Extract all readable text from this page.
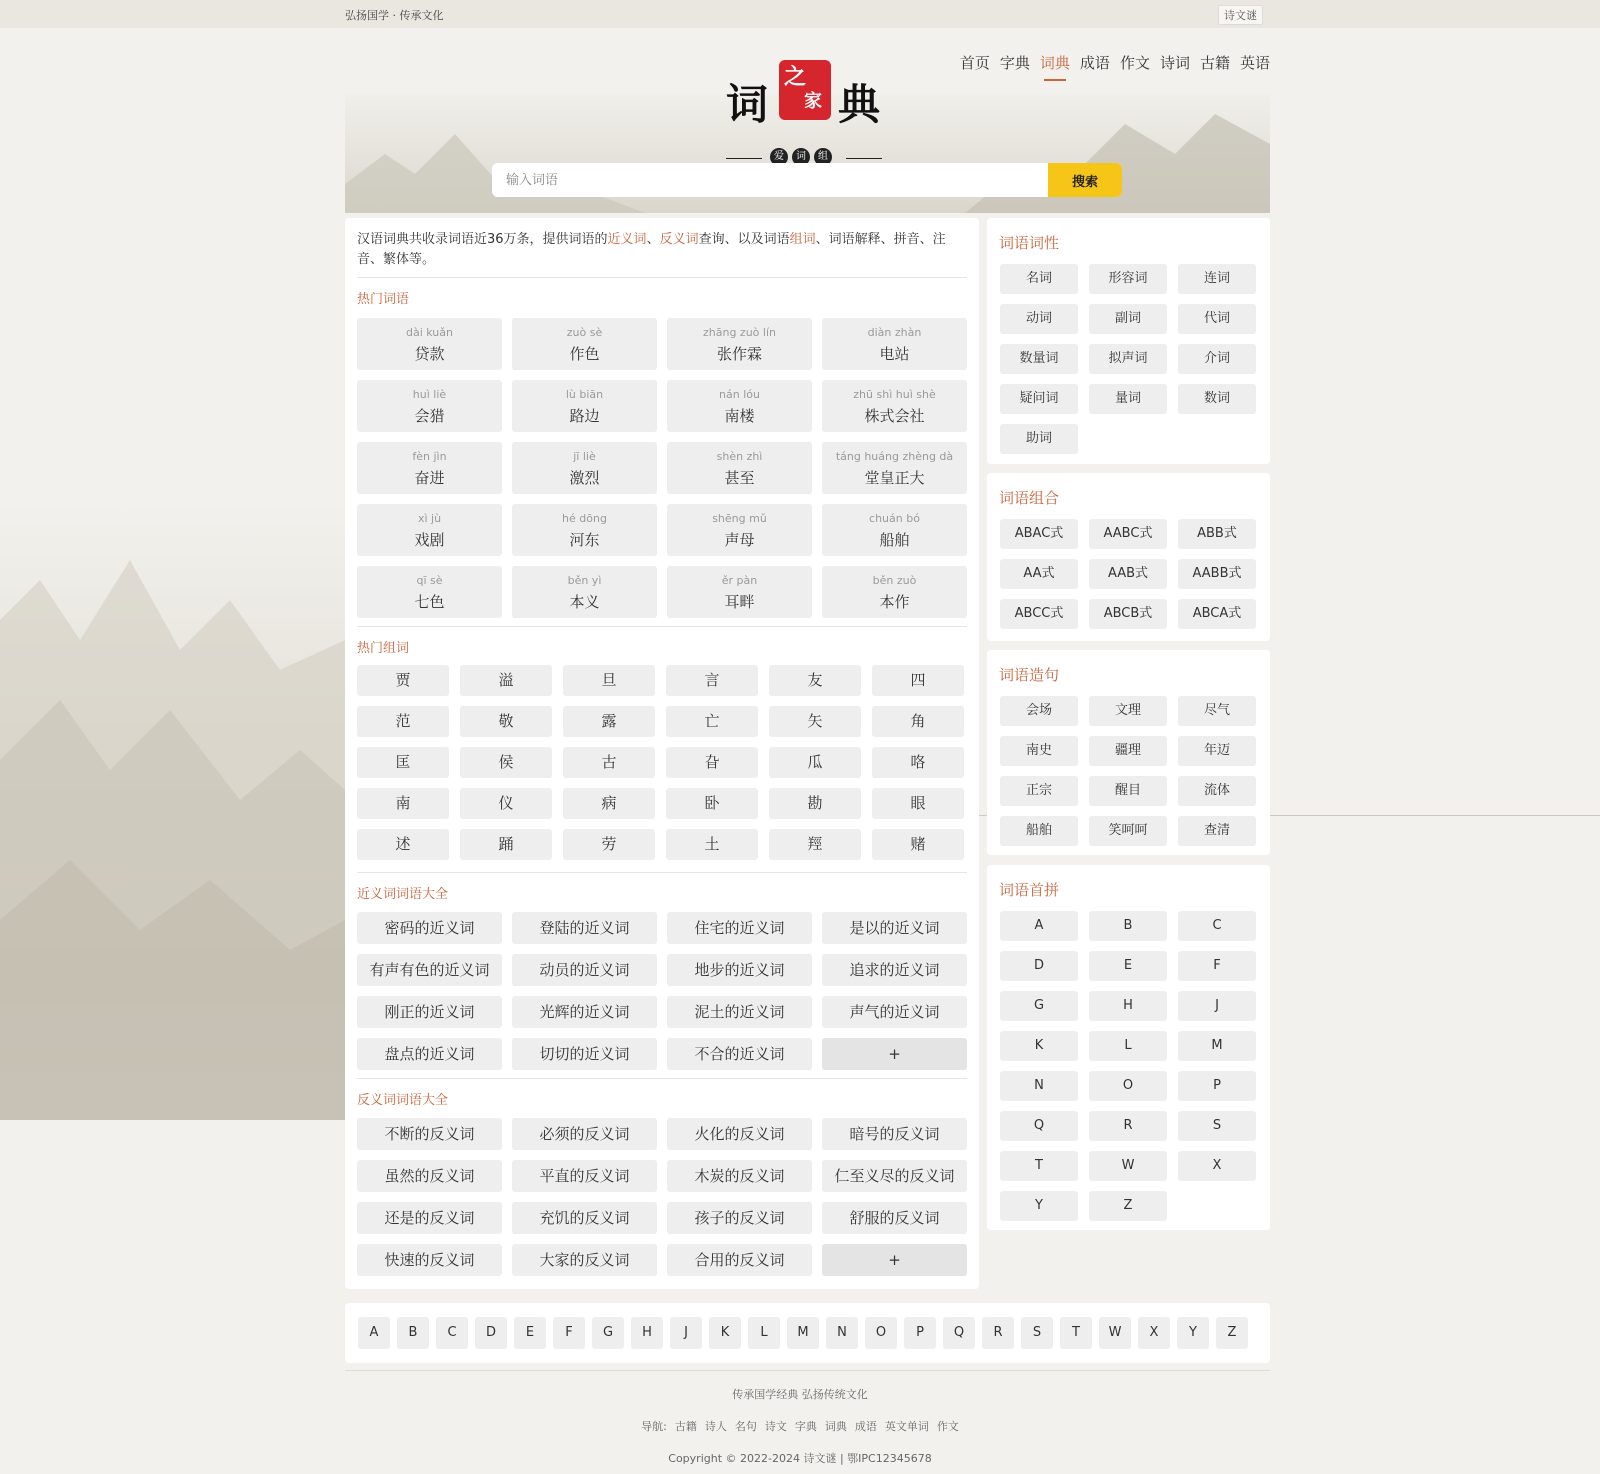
弘扬国学 · 传承文化	诗文谜
词
之
家 典
爱	词	组
首页 字典 词典 成语 作文 诗词 古籍 英语
输入词语
搜索
汉语词典共收录词语近36万条，提供词语的近义词、反义词查询、以及词语组词、词语解释、拼音、注音、繁体等。
热门词语
dài kuǎn
贷款
zuò sè
作色
zhāng zuò lín
张作霖
diàn zhàn
电站
huì liè
会猎
lù biān
路边
nán lóu
南楼
zhū shì huì shè
株式会社
fèn jìn
奋进
jī liè
激烈
shèn zhì
甚至
táng huáng zhèng dà
堂皇正大
xì jù
戏剧
hé dōng
河东
shēng mǔ
声母
chuán bó
船舶
qī sè
七色
běn yì
本义
ěr pàn
耳畔
běn zuò
本作
热门组词
贾	溢	旦	言	友	四
范	敬	露	亡	矢	角
匡	侯	古	旮	瓜	咯
南	仪	病	卧	勘	眼
述	踊	劳	土	羥	赌
近义词词语大全
密码的近义词	登陆的近义词	住宅的近义词	是以的近义词
有声有色的近义词	动员的近义词	地步的近义词	追求的近义词
刚正的近义词	光辉的近义词	泥土的近义词	声气的近义词
盘点的近义词	切切的近义词	不合的近义词	+
反义词词语大全
不断的反义词	必须的反义词	火化的反义词	暗号的反义词
虽然的反义词	平直的反义词	木炭的反义词	仁至义尽的反义词
还是的反义词	充饥的反义词	孩子的反义词	舒服的反义词
快速的反义词	大家的反义词	合用的反义词	+
词语词性
名词	形容词	连词
动词	副词	代词
数量词	拟声词	介词
疑问词	量词	数词
助词
词语组合
ABAC式	AABC式	ABB式
AA式	AAB式	AABB式
ABCC式	ABCB式	ABCA式
词语造句
会场	文理	尽气
南史	疆理	年迈
正宗	醒目	流体
船舶	笑呵呵	查清
词语首拼
A	B	C
D	E	F
G	H	J
K	L	M
N	O	P
Q	R	S
T	W	X
Y	Z
A	B	C	D	E	F	G	H	J	K	L	M	N	O	P	Q	R	S	T	W	X	Y	Z
传承国学经典 弘扬传统文化
导航: 古籍 诗人 名句 诗文 字典 词典 成语 英文单词 作文
Copyright © 2022-2024 诗文谜 | 鄂IPC12345678
